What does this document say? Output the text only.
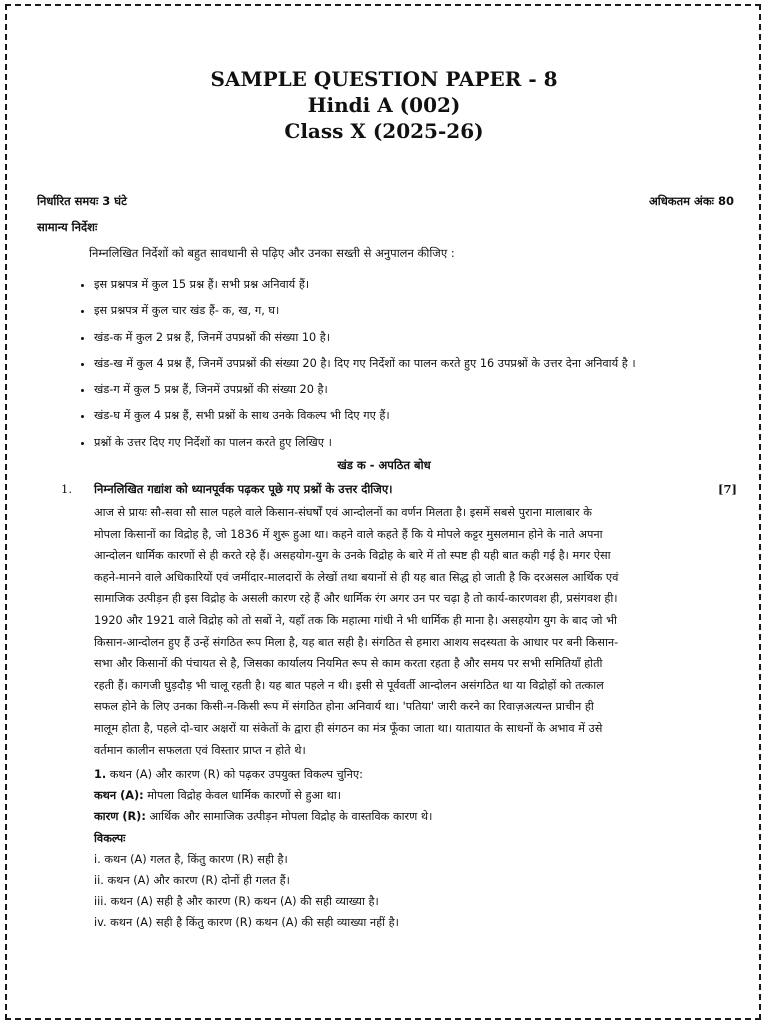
SAMPLE QUESTION PAPER - 8
Hindi A (002)
Class X (2025-26)
निर्धारित समयः 3 घंटे	अधिकतम अंकः 80
सामान्य निर्देशः
निम्नलिखित निर्देशों को बहुत सावधानी से पढ़िए और उनका सख्ती से अनुपालन कीजिए :
• इस प्रश्नपत्र में कुल 15 प्रश्न हैं। सभी प्रश्न अनिवार्य हैं।
• इस प्रश्नपत्र में कुल चार खंड हैं- क, ख, ग, घ।
• खंड-क में कुल 2 प्रश्न हैं, जिनमें उपप्रश्नों की संख्या 10 है।
• खंड-ख में कुल 4 प्रश्न हैं, जिनमें उपप्रश्नों की संख्या 20 है। दिए गए निर्देशों का पालन करते हुए 16 उपप्रश्नों के उत्तर देना अनिवार्य है ।
• खंड-ग में कुल 5 प्रश्न हैं, जिनमें उपप्रश्नों की संख्या 20 है।
• खंड-घ में कुल 4 प्रश्न हैं, सभी प्रश्नों के साथ उनके विकल्प भी दिए गए हैं।
• प्रश्नों के उत्तर दिए गए निर्देशों का पालन करते हुए लिखिए ।
खंड क - अपठित बोध
1. निम्नलिखित गद्यांश को ध्यानपूर्वक पढ़कर पूछे गए प्रश्नों के उत्तर दीजिए।	[7]
आज से प्रायः सौ-सवा सौ साल पहले वाले किसान-संघर्षों एवं आन्दोलनों का वर्णन मिलता है। इसमें सबसे पुराना मालाबार के
मोपला किसानों का विद्रोह है, जो 1836 में शुरू हुआ था। कहने वाले कहते हैं कि ये मोपले कट्टर मुसलमान होने के नाते अपना
आन्दोलन धार्मिक कारणों से ही करते रहे हैं। असहयोग-युग के उनके विद्रोह के बारे में तो स्पष्ट ही यही बात कही गई है। मगर ऐसा
कहने-मानने वाले अधिकारियों एवं जमींदार-मालदारों के लेखों तथा बयानों से ही यह बात सिद्ध हो जाती है कि दरअसल आर्थिक एवं
सामाजिक उत्पीड़न ही इस विद्रोह के असली कारण रहे हैं और धार्मिक रंग अगर उन पर चढ़ा है तो कार्य-कारणवश ही, प्रसंगवश ही।
1920 और 1921 वाले विद्रोह को तो सबों ने, यहाँ तक कि महात्मा गांधी ने भी धार्मिक ही माना है। असहयोग युग के बाद जो भी
किसान-आन्दोलन हुए हैं उन्हें संगठित रूप मिला है, यह बात सही है। संगठित से हमारा आशय सदस्यता के आधार पर बनी किसान-
सभा और किसानों की पंचायत से है, जिसका कार्यालय नियमित रूप से काम करता रहता है और समय पर सभी समितियाँ होती
रहती हैं। कागजी घुड़दौड़ भी चालू रहती है। यह बात पहले न थी। इसी से पूर्ववर्ती आन्दोलन असंगठित था या विद्रोहों को तत्काल
सफल होने के लिए उनका किसी-न-किसी रूप में संगठित होना अनिवार्य था। 'पतिया' जारी करने का रिवाज़अत्यन्त प्राचीन ही
मालूम होता है, पहले दो-चार अक्षरों या संकेतों के द्वारा ही संगठन का मंत्र फूँका जाता था। यातायात के साधनों के अभाव में उसे
वर्तमान कालीन सफलता एवं विस्तार प्राप्त न होते थे।
1. कथन (A) और कारण (R) को पढ़कर उपयुक्त विकल्प चुनिए:
कथन (A): मोपला विद्रोह केवल धार्मिक कारणों से हुआ था।
कारण (R): आर्थिक और सामाजिक उत्पीड़न मोपला विद्रोह के वास्तविक कारण थे।
विकल्पः
i. कथन (A) गलत है, किंतु कारण (R) सही है।
ii. कथन (A) और कारण (R) दोनों ही गलत हैं।
iii. कथन (A) सही है और कारण (R) कथन (A) की सही व्याख्या है।
iv. कथन (A) सही है किंतु कारण (R) कथन (A) की सही व्याख्या नहीं है।
